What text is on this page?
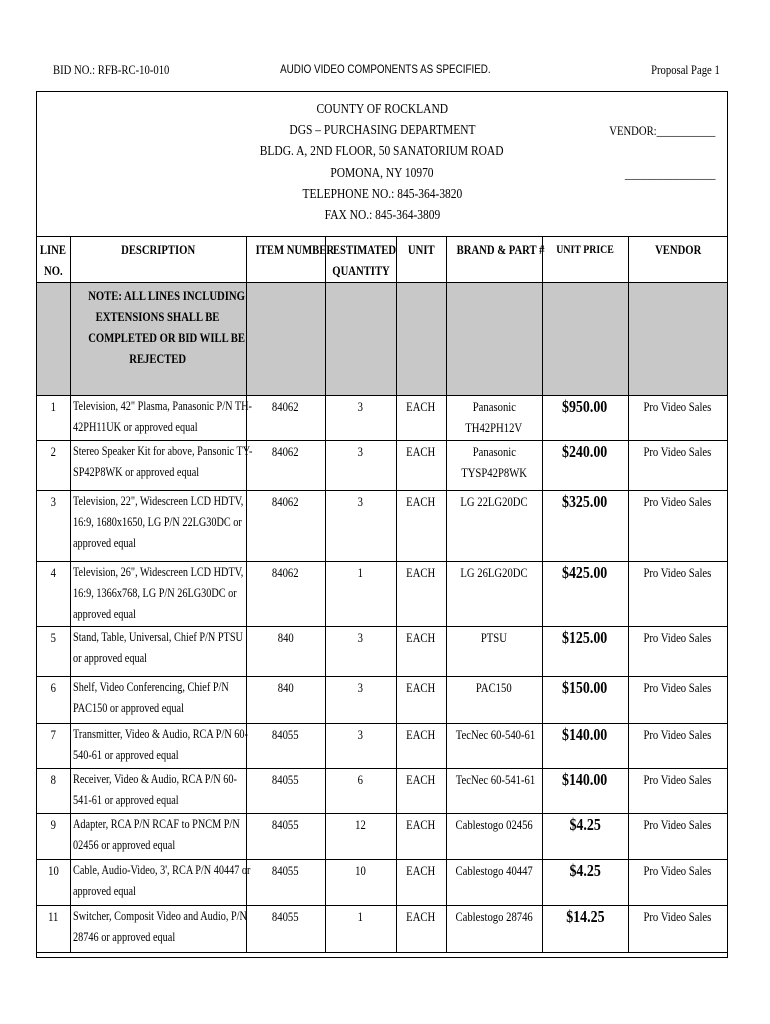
BID NO.: RFB-RC-10-010	AUDIO VIDEO COMPONENTS AS SPECIFIED.	Proposal Page 1
COUNTY OF ROCKLAND
DGS – PURCHASING DEPARTMENT
BLDG. A, 2ND FLOOR, 50 SANATORIUM ROAD
POMONA, NY 10970
TELEPHONE NO.: 845-364-3820
FAX NO.: 845-364-3809
VENDOR:___________
_________________
LINE
NO.	DESCRIPTION	ITEM NUMBER	ESTIMATED
QUANTITY	UNIT	BRAND & PART #	UNIT PRICE	VENDOR
	NOTE: ALL LINES INCLUDING
EXTENSIONS SHALL BE
COMPLETED OR BID WILL BE
REJECTED						
1	Television, 42" Plasma, Panasonic P/N TH-
42PH11UK or approved equal	84062	3	EACH	Panasonic
TH42PH12V	$950.00	Pro Video Sales
2	Stereo Speaker Kit for above, Pansonic TY-
SP42P8WK or approved equal	84062	3	EACH	Panasonic
TYSP42P8WK	$240.00	Pro Video Sales
3	Television, 22", Widescreen LCD HDTV,
16:9, 1680x1650, LG P/N 22LG30DC or
approved equal	84062	3	EACH	LG 22LG20DC	$325.00	Pro Video Sales
4	Television, 26", Widescreen LCD HDTV,
16:9, 1366x768, LG P/N 26LG30DC or
approved equal	84062	1	EACH	LG 26LG20DC	$425.00	Pro Video Sales
5	Stand, Table, Universal, Chief P/N PTSU
or approved equal	840	3	EACH	PTSU	$125.00	Pro Video Sales
6	Shelf, Video Conferencing, Chief P/N
PAC150 or approved equal	840	3	EACH	PAC150	$150.00	Pro Video Sales
7	Transmitter, Video & Audio, RCA P/N 60-
540-61 or approved equal	84055	3	EACH	TecNec 60-540-61	$140.00	Pro Video Sales
8	Receiver, Video & Audio, RCA P/N 60-
541-61 or approved equal	84055	6	EACH	TecNec 60-541-61	$140.00	Pro Video Sales
9	Adapter, RCA P/N RCAF to PNCM P/N
02456 or approved equal	84055	12	EACH	Cablestogo 02456	$4.25	Pro Video Sales
10	Cable, Audio-Video, 3', RCA P/N 40447 or
approved equal	84055	10	EACH	Cablestogo 40447	$4.25	Pro Video Sales
11	Switcher, Composit Video and Audio, P/N
28746 or approved equal	84055	1	EACH	Cablestogo 28746	$14.25	Pro Video Sales
